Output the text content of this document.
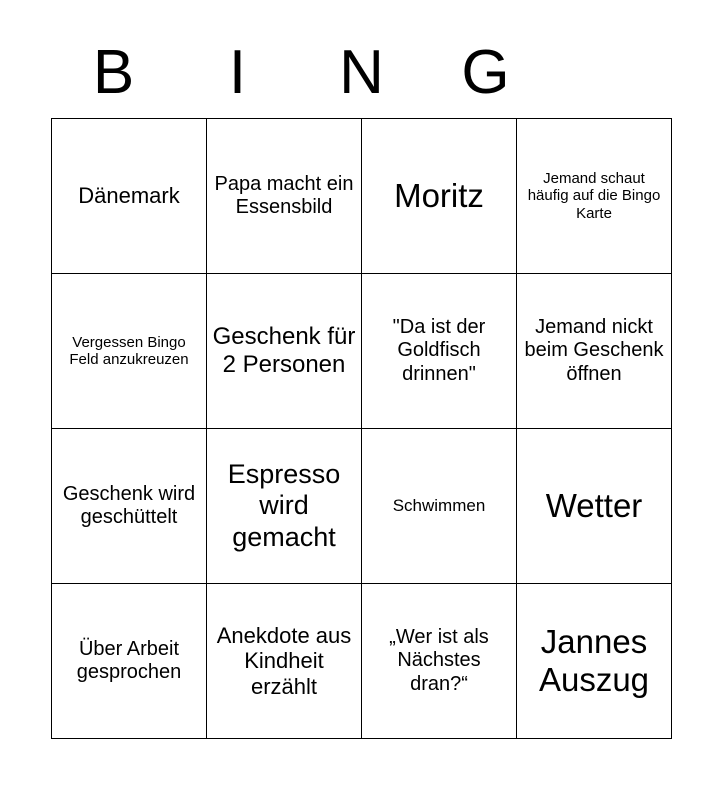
B	I	N	G
Dänemark	Papa macht ein Essensbild	Moritz	Jemand schaut häufig auf die Bingo Karte
Vergessen Bingo Feld anzukreuzen	Geschenk für 2 Personen	"Da ist der Goldfisch drinnen"	Jemand nickt beim Geschenk öffnen
Geschenk wird geschüttelt	Espresso wird gemacht	Schwimmen	Wetter
Über Arbeit gesprochen	Anekdote aus Kindheit erzählt	„Wer ist als Nächstes dran?“	Jannes Auszug
